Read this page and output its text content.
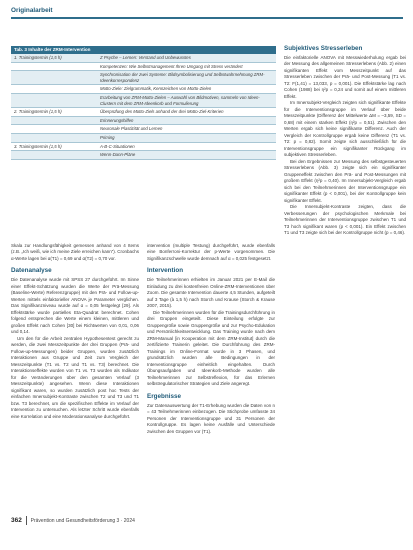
Originalarbeit
Tab. 3 Inhalte der ZRM-Intervention
1. Trainingstermin (1,5 h)	Z Psyche – Lernen: Verstand und Unbewusstes
	Kompetenzen: Wie Selbstmanagement Ihren Umgang mit Stress verändert
	Synchronisation der zwei Systeme: Bildsymbolisierung und Selbstwahrnehmung ZRM-Ideenkorrespondenz
	Motto-Ziele: Zielgrammatik, Kennzeichen von Motto-Zielen
	Erarbeitung von ZRM-Motto-Zielen – Auswahl von Bildmotiven, sammeln von Ideen-Clustern mit dem ZRM-Ideenkorb und Formulierung
2. Trainingstermin (1,5 h)	Überprüfung des Motto-Ziels anhand der drei Motto-Ziel-Kriterien
	Erinnerungshilfen
	Neuronale Plastizität und Lernen
	Priming
3. Trainingstermin (1,5 h)	A-B-C-Situationen
	Wenn-Dann-Pläne

Skala zur Handlungsfähigkeit gemessen anhand von 4 Items (z.B. „Ich weiß, wie ich meine Ziele erreichen kann“). Cronbachs α-Werte lagen bei α(T1) = 0,69 und α(T2) = 0,70 vor.

Datenanalyse

Die Datenanalyse wurde mit SPSS 27 durchgeführt. Im Sinne einer Effekt-Schätzung wurden die Werte der Prä-Messung (Baseline-Werte) Referenzgruppe) mit den Prä- und Follow-up-Werten mittels einfaktorieller ANOVA je Parameter verglichen. Das Signifikanzniveau wurde auf α = 0,05 festgelegt [29]. Als Effektstärke wurde partielles Eta-Quadrat berechnet. Cohen folgend entsprechen die Werte einem kleinen, mittleren und großen Effekt nach Cohen [30] bei Richtwerten von 0,01, 0,06 und 0,14.

Um den für die Arbeit zentralen Hypothesentest gerecht zu werden, die zwei Messzeitpunkte der drei Gruppen (Prä- und Follow-up-Messungen) beider Gruppen, wurden zusätzlich Interaktionen aus Gruppe und Zeit zum Vergleich der Messzeitpunkte (T1 vs. T2 und T1 vs. T3) berechnet. Die Interaktionseffekte wurden von T1 vs. T3 wurden als Indikator für die Veränderungen über den gesamten Verlauf (3 Messzeitpunkte) angesehen. Wenn diese Interaktionen signifikant waren, so wurden zusätzlich post hoc Tests der einfachen Innersubjekt-Kontraste zwischen T2 und T3 und T1 bzw. T3 berechnet, um die spezifischen Effekte im Verlauf der Intervention zu untersuchen. Als letzter Schritt wurde ebenfalls eine Korrelation und eine Moderationsanalyse durchgeführt.

intervention (multiple Testung) durchgeführt, wurde ebenfalls eine Bonferroni-Korrektur der p-Werte vorgenommen. Die Signifikanzschwelle wurde demnach auf α = 0,025 festgesetzt.

Intervention

Die Teilnehmerinnen erhielten im Januar 2021 per E-Mail die Einladung zu drei kostenfreien Online-ZRM-Interventionen über Zoom. Die gesamte Intervention dauerte 4,5 Stunden, aufgeteilt auf 3 Tage (à 1,5 h) nach Storch und Krause (Storch & Krause 2007, 2015).

Die Teilnehmerinnen wurden für die Trainingsdurchführung in drei Gruppen eingeteilt. Diese Einteilung erfolgte zur Gruppengröße sowie Gruppengröße und zur Psycho-Edukation und Persönlichkeitsentwicklung. Das Training wurde nach dem ZRM-Manual [in Kooperation mit dem ZRM-Institut] durch die zertifizierte Trainerin geleitet. Die Durchführung des ZRM-Trainings im Online-Format wurde in 3 Phasen, und grundsätzlich wurden alle Bedingungen in der Interventionsgruppe einheitlich eingehalten. Durch Übungsaufgaben und Ideenkorb-Methode wurden alle Teilnehmerinnen zur Selbstreflexion, für das Erlernen selbstregulatorischer Strategien und Ziele angeregt.

Ergebnisse

Zur Datenauswertung der T1-Erhebung wurden die Daten von n = 43 Teilnehmerinnen einbezogen. Die Stichprobe umfasste 34 Personen der Interventionsgruppe und 31 Personen der Kontrollgruppe. Es lagen keine Ausfälle und Unterschiede zwischen den Gruppen vor (T1).

Subjektives Stresserleben

Die einfaktorielle ANOVA mit Messwiederholung ergab bei der Messung des allgemeinen Stresserlebens (Abb. 2) einen signifikanten Effekt vom Messzeitpunkt auf das Stresserleben zwischen der Prä- und Post-Messung (T1 vs. T2: F(1,41) = 13,033, p = 0,001). Die Effektstärke lag nach Cohen (1988) bei η²p = 0,24 und somit auf einem mittleren Effekt.

Im Innersubjekt-Vergleich zeigten sich signifikante Effekte für die Interventionsgruppe im Verlauf über beide Messzeitpunkte (Differenz der Mittelwerte ΔM = –3,59, SD = 0,68) mit einem starken Effekt (η²p = 0,51). Zwischen den Werten ergab sich keine signifikante Differenz. Auch der Vergleich der Kontrollgruppe ergab keine Differenz (T1 vs. T2: p = 0,82). Somit zeigte sich ausschließlich für die Interventionsgruppe ein signifikanter Rückgang im subjektiven Stresserleben.

Bei den Ergebnissen zur Messung des selbstgesteuerten Stresserlebens (Abb. 3) zeigte sich ein signifikanter Gruppeneffekt zwischen den Prä- und Post-Messungen mit großem Effekt (η²p = 0,40). Im Innersubjekt-Vergleich ergab sich bei den Teilnehmerinnen der Interventionsgruppe ein signifikanter Effekt (p < 0,001), bei der Kontrollgruppe kein signifikanter Effekt.

Die Innersubjekt-Kontraste zeigten, dass die Verbesserungen der psychologischen Merkmale bei Teilnehmerinnen der Interventionsgruppe zwischen T1 und T3 hoch signifikant waren (p < 0,001). Ein Effekt zwischen T1 und T3 zeigte sich bei der Kontrollgruppe nicht (p = 0,46).

362 Prävention und Gesundheitsförderung 3 · 2024
